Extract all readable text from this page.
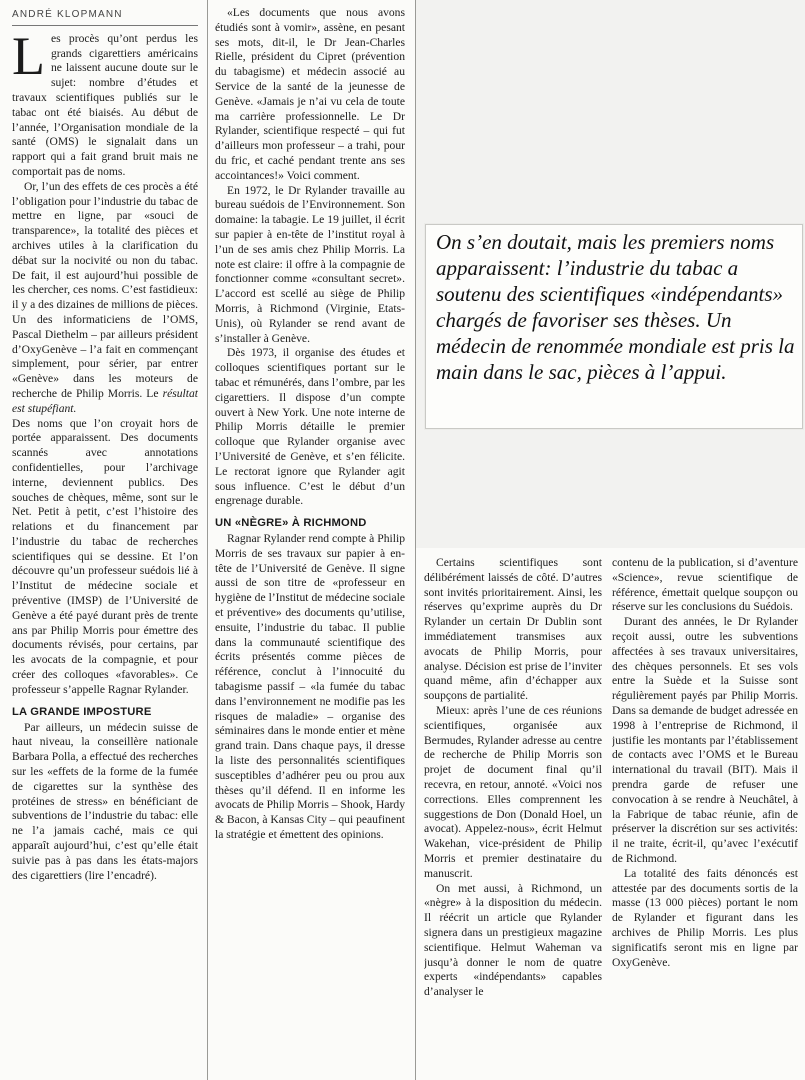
ANDRÉ KLOPMANN

Les procès qu’ont perdus les grands cigarettiers américains ne laissent aucune doute sur le sujet: nombre d’études et travaux scientifiques publiés sur le tabac ont été biaisés. Au début de l’année, l’Organisation mondiale de la santé (OMS) le signalait dans un rapport qui a fait grand bruit mais ne comportait pas de noms.

Or, l’un des effets de ces procès a été l’obligation pour l’industrie du tabac de mettre en ligne, par «souci de transparence», la totalité des pièces et archives utiles à la clarification du débat sur la nocivité ou non du tabac. De fait, il est aujourd’hui possible de les chercher, ces noms. C’est fastidieux: il y a des dizaines de millions de pièces. Un des informaticiens de l’OMS, Pascal Diethelm – par ailleurs président d’OxyGenève – l’a fait en commençant simplement, pour sérier, par entrer «Genève» dans les moteurs de recherche de Philip Morris. Le résultat est stupéfiant.

Des noms que l’on croyait hors de portée apparaissent. Des documents scannés avec annotations confidentielles, pour l’archivage interne, deviennent publics. Des souches de chèques, même, sont sur le Net. Petit à petit, c’est l’histoire des relations et du financement par l’industrie du tabac de recherches scientifiques qui se dessine. Et l’on découvre qu’un professeur suédois lié à l’Institut de médecine sociale et préventive (IMSP) de l’Université de Genève a été payé durant près de trente ans par Philip Morris pour émettre des documents révisés, pour certains, par les avocats de la compagnie, et pour créer des colloques «favorables». Ce professeur s’appelle Ragnar Rylander.

LA GRANDE IMPOSTURE

Par ailleurs, un médecin suisse de haut niveau, la conseillère nationale Barbara Polla, a effectué des recherches sur les «effets de la forme de la fumée de cigarettes sur la synthèse des protéines de stress» en bénéficiant de subventions de l’industrie du tabac: elle ne l’a jamais caché, mais ce qui apparaît aujourd’hui, c’est qu’elle était suivie pas à pas dans les états-majors des cigarettiers (lire l’encadré).

«Les documents que nous avons étudiés sont à vomir», assène, en pesant ses mots, dit-il, le Dr Jean-Charles Rielle, président du Cipret (prévention du tabagisme) et médecin associé au Service de la santé de la jeunesse de Genève. «Jamais je n’ai vu cela de toute ma carrière professionnelle. Le Dr Rylander, scientifique respecté – qui fut d’ailleurs mon professeur – a trahi, pour du fric, et caché pendant trente ans ses accointances!» Voici comment.

En 1972, le Dr Rylander travaille au bureau suédois de l’Environnement. Son domaine: la tabagie. Le 19 juillet, il écrit sur papier à en-tête de l’institut royal à l’un de ses amis chez Philip Morris. La note est claire: il offre à la compagnie de fonctionner comme «consultant secret». L’accord est scellé au siège de Philip Morris, à Richmond (Virginie, Etats-Unis), où Rylander se rend avant de s’installer à Genève.

Dès 1973, il organise des études et colloques scientifiques portant sur le tabac et rémunérés, dans l’ombre, par les cigarettiers. Il dispose d’un compte ouvert à New York. Une note interne de Philip Morris détaille le premier colloque que Rylander organise avec l’Université de Genève, et s’en félicite. Le rectorat ignore que Rylander agit sous influence. C’est le début d’un engrenage durable.

UN «NÈGRE» À RICHMOND

Ragnar Rylander rend compte à Philip Morris de ses travaux sur papier à en-tête de l’Université de Genève. Il signe aussi de son titre de «professeur en hygiène de l’Institut de médecine sociale et préventive» des documents qu’utilise, ensuite, l’industrie du tabac. Il publie dans la communauté scientifique des écrits présentés comme pièces de référence, conclut à l’innocuité du tabagisme passif – «la fumée du tabac dans l’environnement ne modifie pas les risques de maladie» – organise des séminaires dans le monde entier et mène grand train. Dans chaque pays, il dresse la liste des personnalités scientifiques susceptibles d’adhérer peu ou prou aux thèses qu’il défend. Il en informe les avocats de Philip Morris – Shook, Hardy & Bacon, à Kansas City – qui peaufinent la stratégie et émettent des opinions.

On s’en doutait, mais les premiers noms apparaissent: l’industrie du tabac a soutenu des scientifiques «indépendants» chargés de favoriser ses thèses. Un médecin de renommée mondiale est pris la main dans le sac, pièces à l’appui.

Certains scientifiques sont délibérément laissés de côté. D’autres sont invités prioritairement. Ainsi, les réserves qu’exprime auprès du Dr Rylander un certain Dr Dublin sont immédiatement transmises aux avocats de Philip Morris, pour analyse. Décision est prise de l’inviter quand même, afin d’échapper aux soupçons de partialité.

Mieux: après l’une de ces réunions scientifiques, organisée aux Bermudes, Rylander adresse au centre de recherche de Philip Morris son projet de document final qu’il recevra, en retour, annoté. «Voici nos corrections. Elles comprennent les suggestions de Don (Donald Hoel, un avocat). Appelez-nous», écrit Helmut Wakehan, vice-président de Philip Morris et premier destinataire du manuscrit.

On met aussi, à Richmond, un «nègre» à la disposition du médecin. Il réécrit un article que Rylander signera dans un prestigieux magazine scientifique. Helmut Waheman va jusqu’à donner le nom de quatre experts «indépendants» capables d’analyser le

contenu de la publication, si d’aventure «Science», revue scientifique de référence, émettait quelque soupçon ou réserve sur les conclusions du Suédois.

Durant des années, le Dr Rylander reçoit aussi, outre les subventions affectées à ses travaux universitaires, des chèques personnels. Et ses vols entre la Suède et la Suisse sont régulièrement payés par Philip Morris. Dans sa demande de budget adressée en 1998 à l’entreprise de Richmond, il justifie les montants par l’établissement de contacts avec l’OMS et le Bureau international du travail (BIT). Mais il prendra garde de refuser une convocation à se rendre à Neuchâtel, à la Fabrique de tabac réunie, afin de préserver la discrétion sur ses activités: il ne traite, écrit-il, qu’avec l’exécutif de Richmond.

La totalité des faits dénoncés est attestée par des documents sortis de la masse (13 000 pièces) portant le nom de Rylander et figurant dans les archives de Philip Morris. Les plus significatifs seront mis en ligne par OxyGenève.
